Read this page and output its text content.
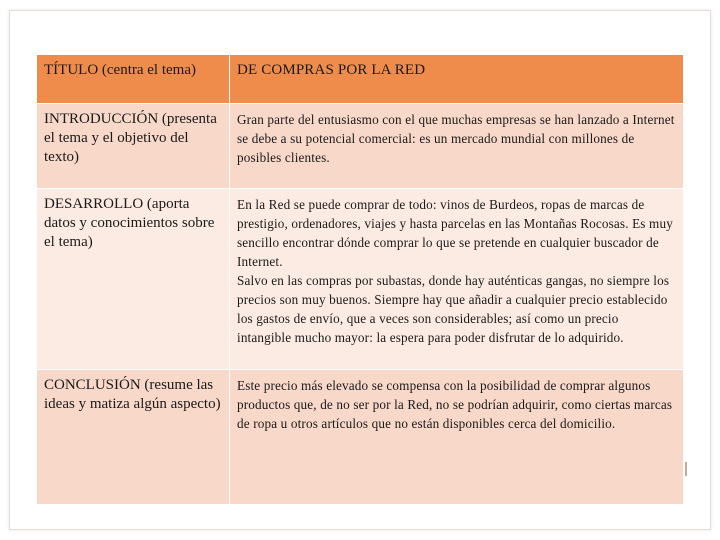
TÍTULO (centra el tema)	DE COMPRAS POR LA RED

INTRODUCCIÓN (presenta el tema y el objetivo del texto)	Gran parte del entusiasmo con el que muchas empresas se han lanzado a Internet se debe a su potencial comercial: es un mercado mundial con millones de posibles clientes.

DESARROLLO (aporta datos y conocimientos sobre el tema)	En la Red se puede comprar de todo: vinos de Burdeos, ropas de marcas de prestigio, ordenadores, viajes y hasta parcelas en las Montañas Rocosas. Es muy sencillo encontrar dónde comprar lo que se pretende en cualquier buscador de Internet.
Salvo en las compras por subastas, donde hay auténticas gangas, no siempre los precios son muy buenos. Siempre hay que añadir a cualquier precio establecido los gastos de envío, que a veces son considerables; así como un precio intangible mucho mayor: la espera para poder disfrutar de lo adquirido.

CONCLUSIÓN (resume las ideas y matiza algún aspecto)	Este precio más elevado se compensa con la posibilidad de comprar algunos productos que, de no ser por la Red, no se podrían adquirir, como ciertas marcas de ropa u otros artículos que no están disponibles cerca del domicilio.
